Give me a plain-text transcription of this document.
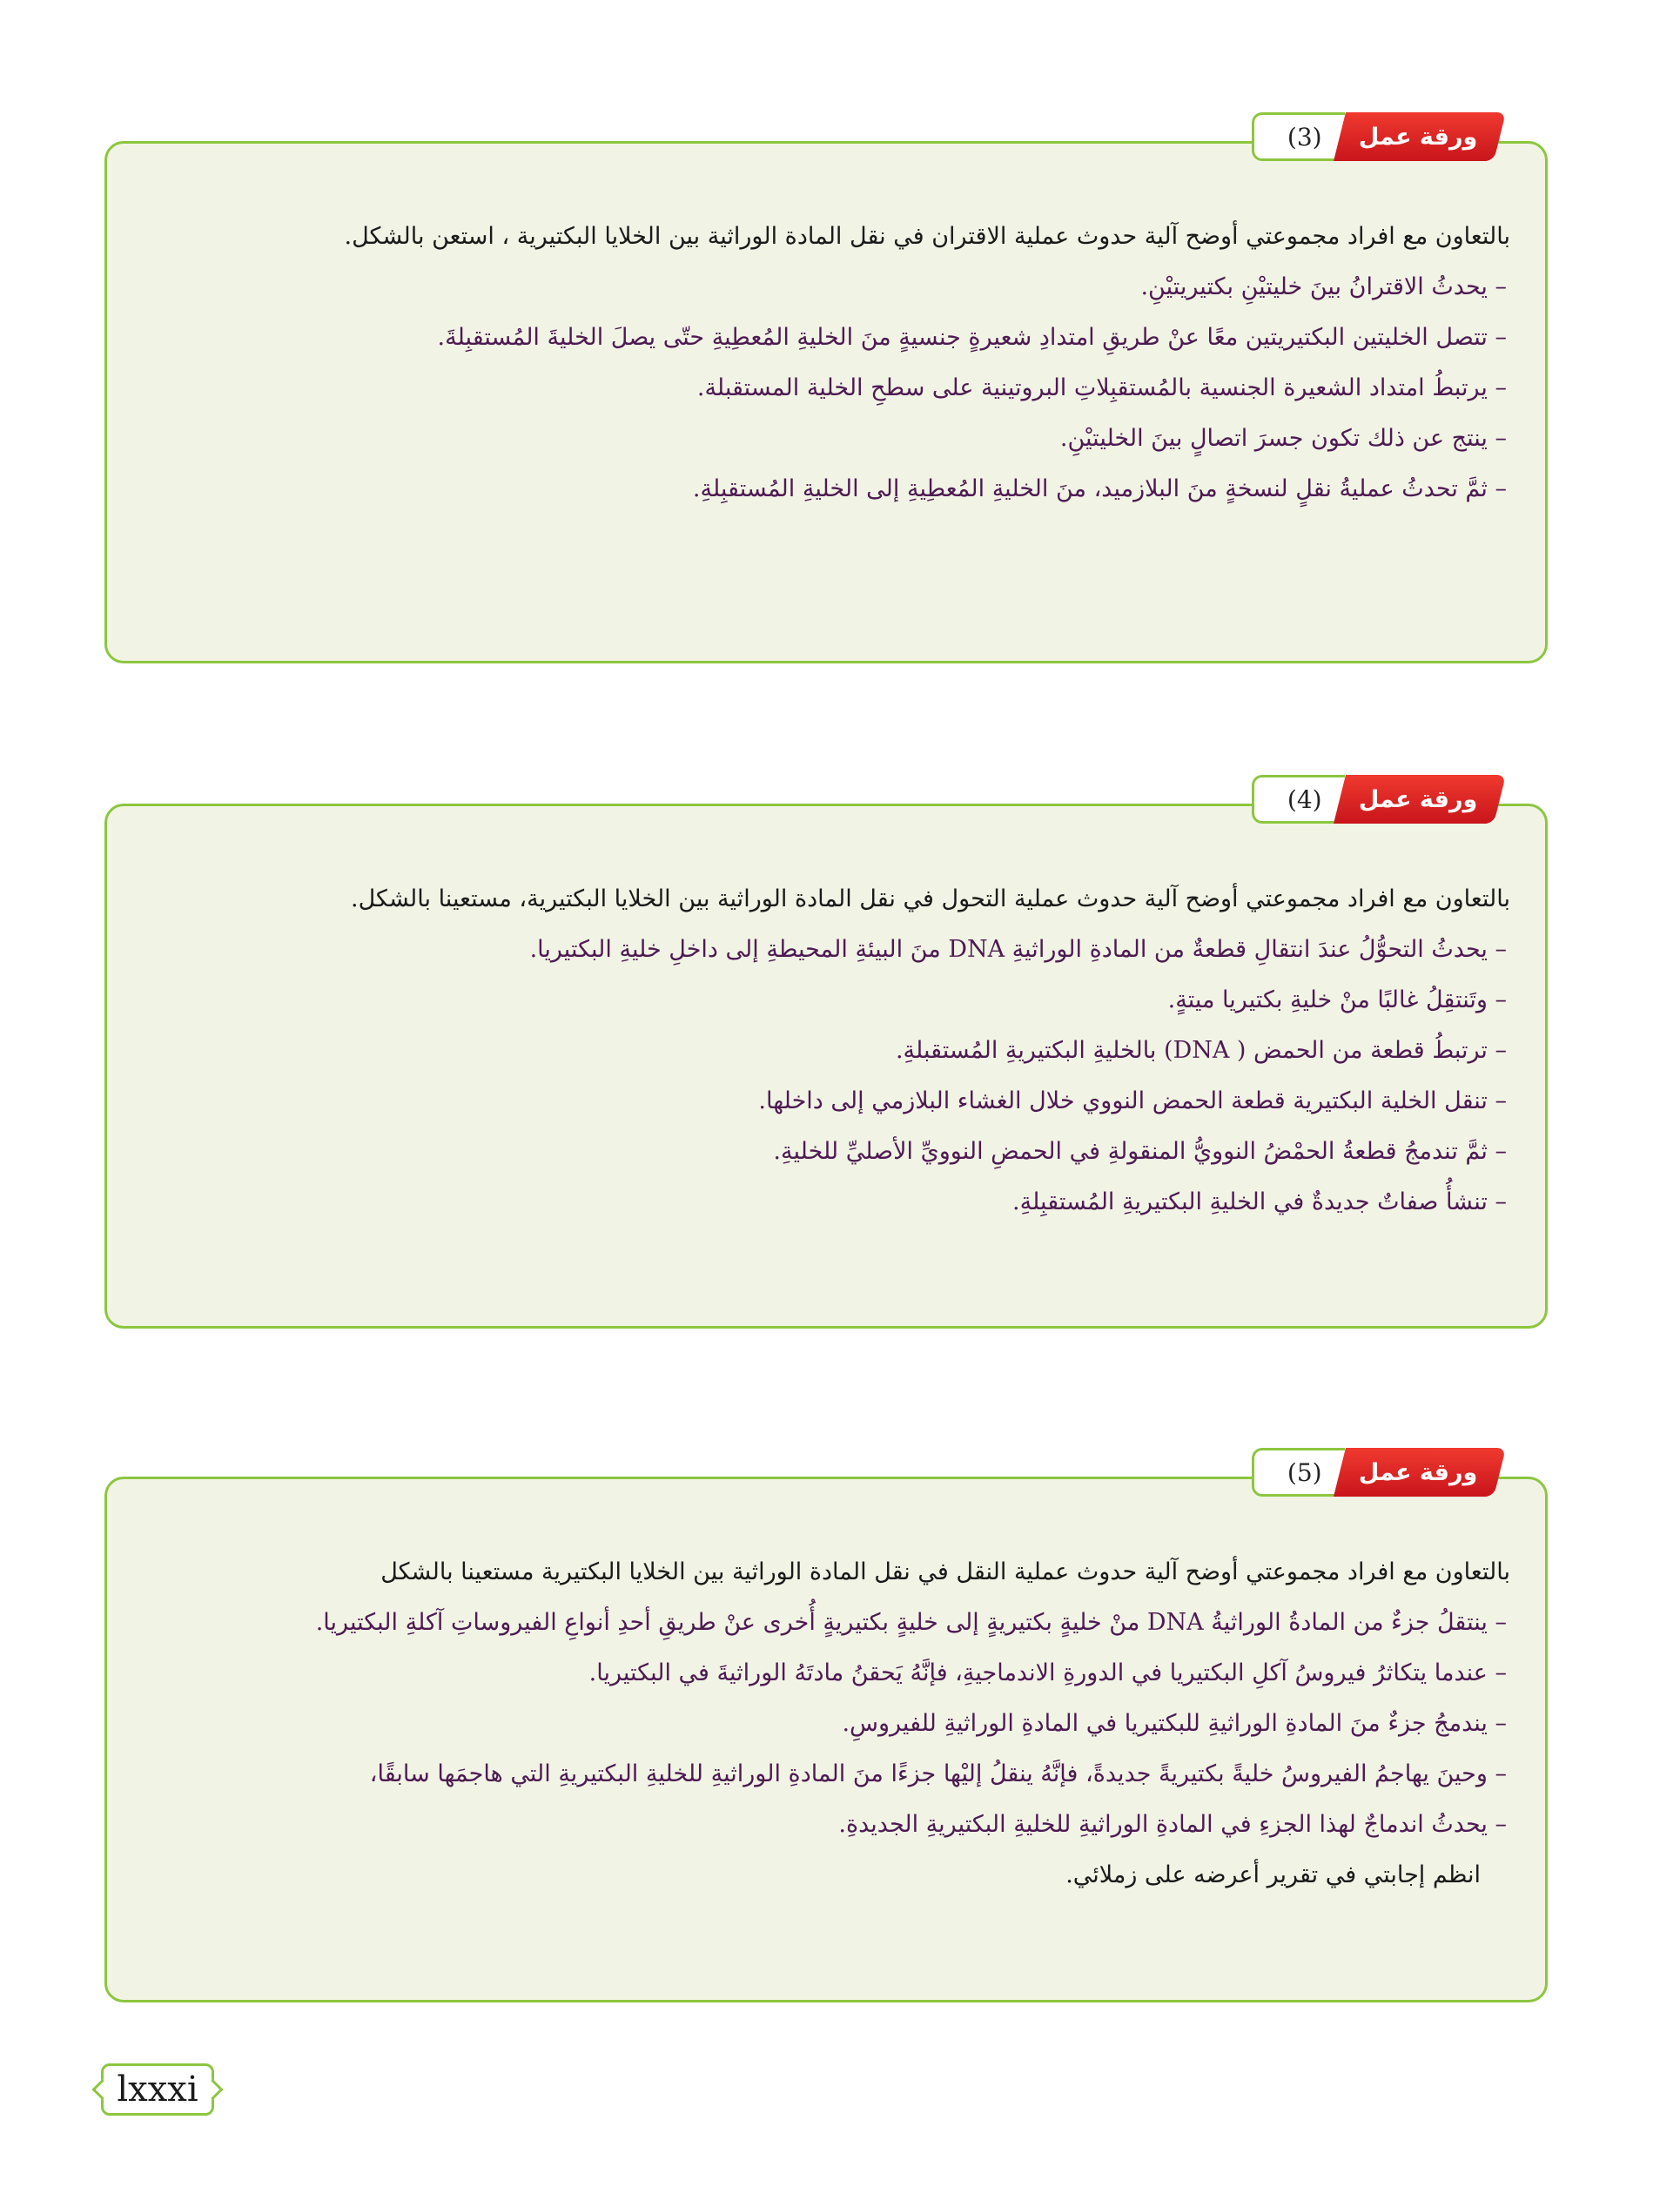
ورقة عمل
(3)

بالتعاون مع افراد مجموعتي أوضح آلية حدوث عملية الاقتران في نقل المادة الوراثية بين الخلايا البكتيرية ، استعن بالشكل.

– يحدثُ الاقترانُ بينَ خليتيْنِ بكتيريتيْنِ.
– تتصل الخليتين البكتيريتين معًا عنْ طريقِ امتدادِ شعيرةٍ جنسيةٍ منَ الخليةِ المُعطِيةِ حتّى يصلَ الخليةَ المُستقبِلةَ.
– يرتبطُ امتداد الشعيرة الجنسية بالمُستقبِلاتِ البروتينية على سطحِ الخلية المستقبلة.
– ينتج عن ذلك تكون جسرَ اتصالٍ بينَ الخليتيْنِ.
– ثمَّ تحدثُ عمليةُ نقلٍ لنسخةٍ منَ البلازميد، منَ الخليةِ المُعطِيةِ إلى الخليةِ المُستقبِلةِ.
ورقة عمل
(4)

بالتعاون مع افراد مجموعتي أوضح آلية حدوث عملية التحول في نقل المادة الوراثية بين الخلايا البكتيرية، مستعينا بالشكل.

– يحدثُ التحوُّلُ عندَ انتقالِ قطعةٌ من المادةِ الوراثيةِ DNA منَ البيئةِ المحيطةِ إلى داخلِ خليةِ البكتيريا.
– وتَنتقِلُ غالبًا منْ خليةِ بكتيريا ميتةٍ.
– ترتبطُ قطعة من الحمض ( DNA) بالخليةِ البكتيريةِ المُستقبلةِ.
– تنقل الخلية البكتيرية قطعة الحمض النووي خلال الغشاء البلازمي إلى داخلها.
– ثمَّ تندمجُ قطعةُ الحمْضُ النوويُّ المنقولةِ في الحمضِ النوويِّ الأصليِّ للخليةِ.
– تنشأُ صفاتٌ جديدةٌ في الخليةِ البكتيريةِ المُستقبِلةِ.
ورقة عمل
(5)

بالتعاون مع افراد مجموعتي أوضح آلية حدوث عملية النقل في نقل المادة الوراثية بين الخلايا البكتيرية مستعينا بالشكل

– ينتقلُ جزءٌ من المادةُ الوراثيةُ DNA منْ خليةٍ بكتيريةٍ إلى خليةٍ بكتيريةٍ أُخرى عنْ طريقِ أحدِ أنواعِ الفيروساتِ آكلةِ البكتيريا.
– عندما يتكاثرُ فيروسُ آكلِ البكتيريا في الدورةِ الاندماجيةِ، فإنَّهُ يَحقنُ مادتَهُ الوراثيةَ في البكتيريا.
– يندمجُ جزءٌ منَ المادةِ الوراثيةِ للبكتيريا في المادةِ الوراثيةِ للفيروسِ.
– وحينَ يهاجمُ الفيروسُ خليةً بكتيريةً جديدةً، فإنَّهُ ينقلُ إليْها جزءًا منَ المادةِ الوراثيةِ للخليةِ البكتيريةِ التي هاجمَها سابقًا،
– يحدثُ اندماجٌ لهذا الجزءِ في المادةِ الوراثيةِ للخليةِ البكتيريةِ الجديدةِ.
انظم إجابتي في تقرير أعرضه على زملائي.
lxxxi
